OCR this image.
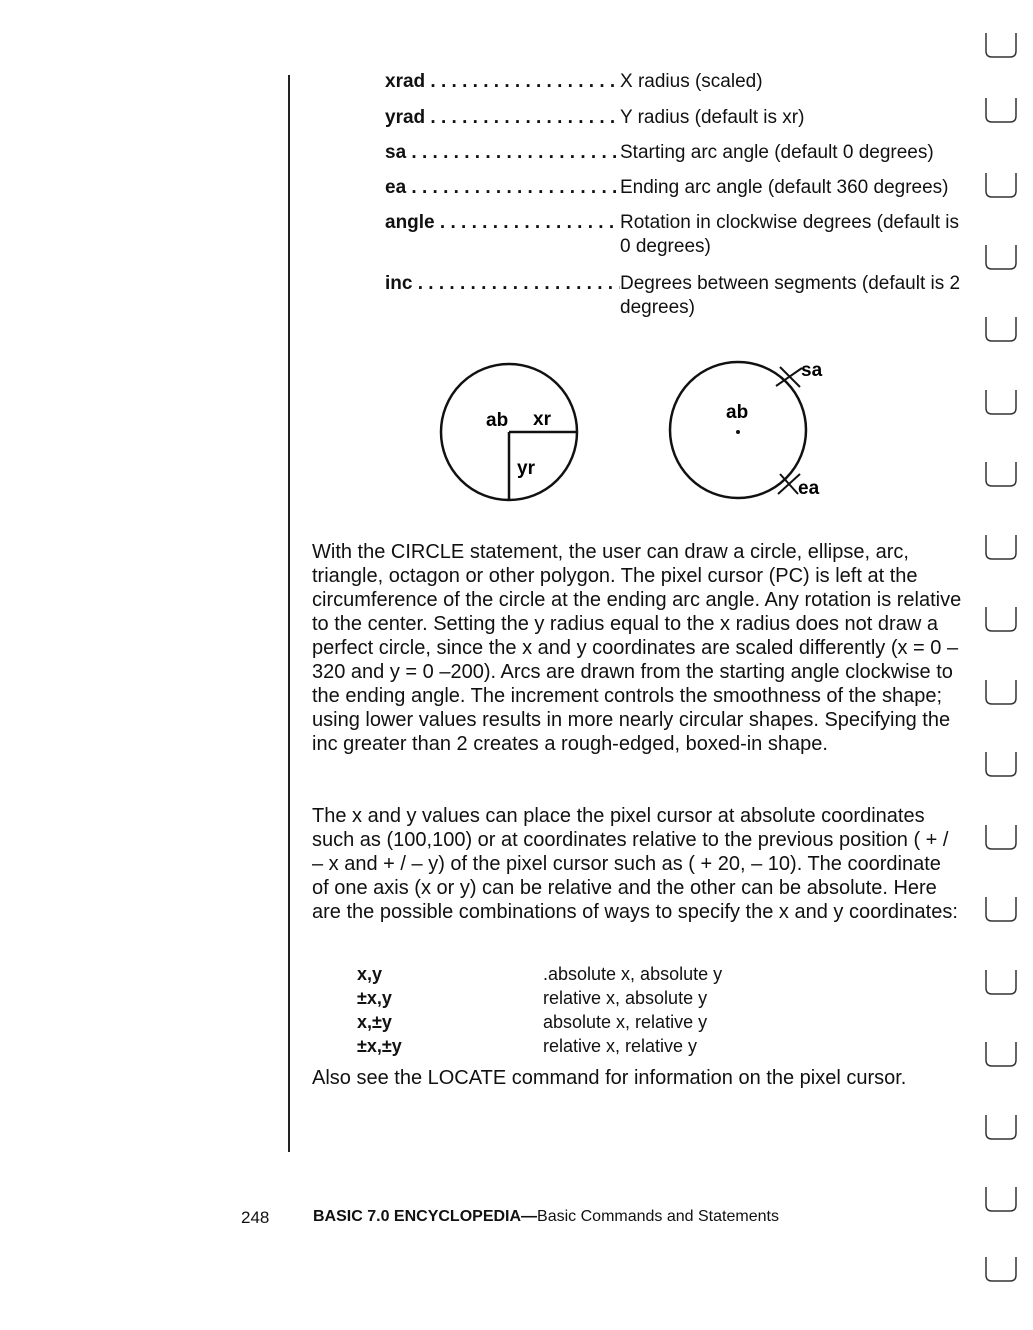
xrad . . .	X radius (scaled)
yrad . . .	Y radius (default is xr)
sa . . .	Starting arc angle (default 0 degrees)
ea . . .	Ending arc angle (default 360 degrees)
angle . . .	Rotation in clockwise degrees (default is 0 degrees)
inc . . .	Degrees between segments (default is 2 degrees)
ab xr
yr
ab
sa
ea
With the CIRCLE statement, the user can draw a circle, ellipse, arc, triangle, octagon or other polygon. The pixel cursor (PC) is left at the circumference of the circle at the ending arc angle. Any rotation is relative to the center. Setting the y radius equal to the x radius does not draw a perfect circle, since the x and y coordinates are scaled differently (x = 0 –320 and y = 0 –200). Arcs are drawn from the starting angle clockwise to the ending angle. The increment controls the smoothness of the shape; using lower values results in more nearly circular shapes. Specifying the inc greater than 2 creates a rough-edged, boxed-in shape.
The x and y values can place the pixel cursor at absolute coordinates such as (100,100) or at coordinates relative to the previous position ( + / – x and + / – y) of the pixel cursor such as ( + 20, – 10). The coordinate of one axis (x or y) can be relative and the other can be absolute. Here are the possible combinations of ways to specify the x and y coordinates:
x,y	.absolute x, absolute y
±x,y	relative x, absolute y
x,±y	absolute x, relative y
±x,±y	relative x, relative y
Also see the LOCATE command for information on the pixel cursor.
248	BASIC 7.0 ENCYCLOPEDIA—Basic Commands and Statements
